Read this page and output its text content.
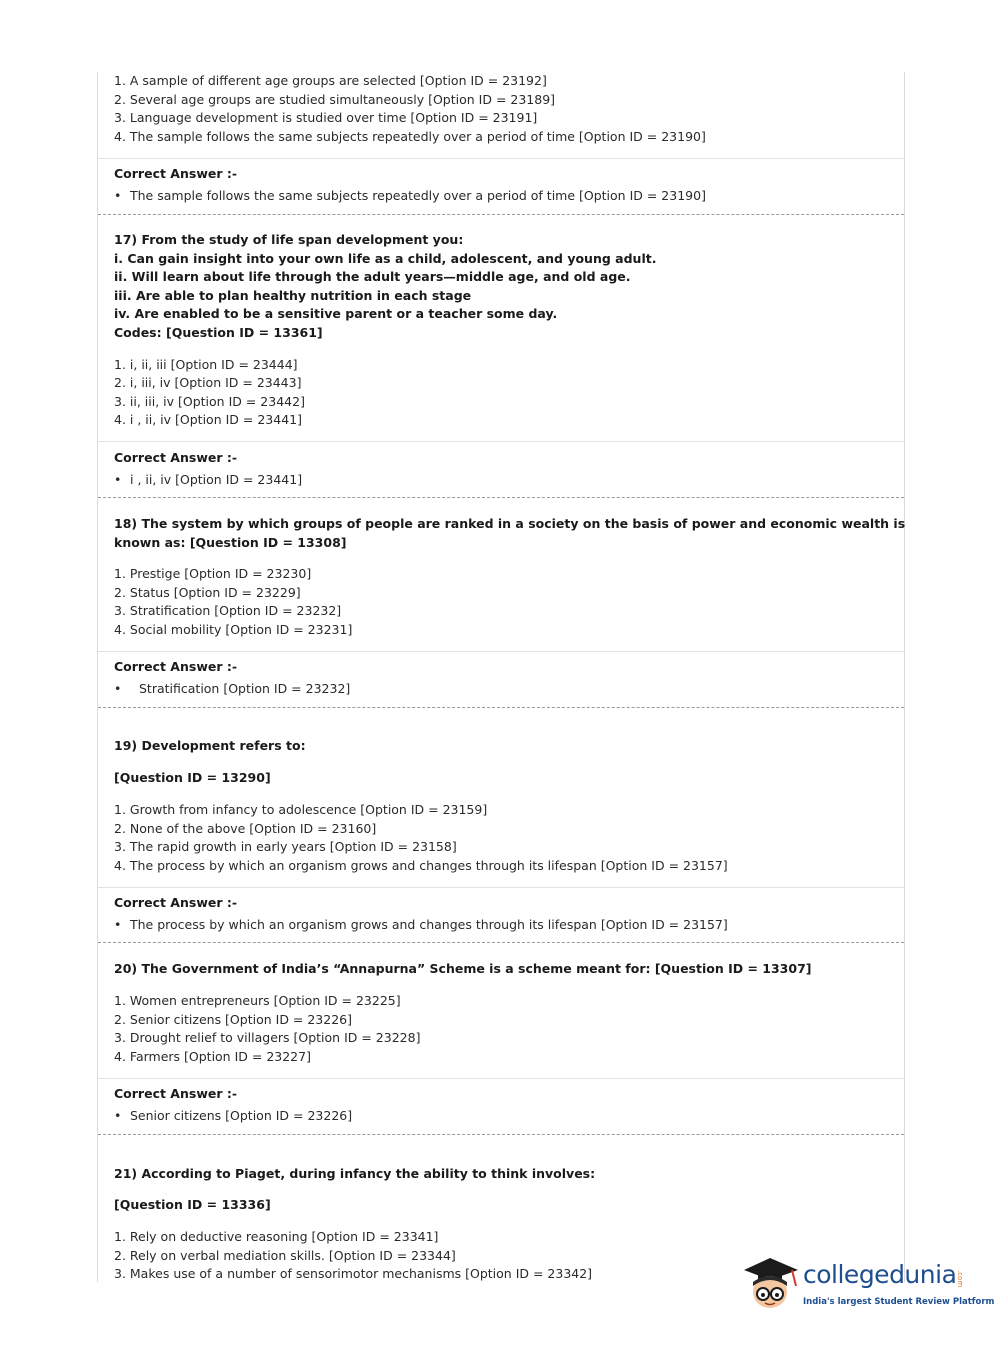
1. A sample of different age groups are selected [Option ID = 23192]
2. Several age groups are studied simultaneously [Option ID = 23189]
3. Language development is studied over time [Option ID = 23191]
4. The sample follows the same subjects repeatedly over a period of time [Option ID = 23190]
Correct Answer :-
• The sample follows the same subjects repeatedly over a period of time [Option ID = 23190]
17) From the study of life span development you:
i. Can gain insight into your own life as a child, adolescent, and young adult.
ii. Will learn about life through the adult years—middle age, and old age.
iii. Are able to plan healthy nutrition in each stage
iv. Are enabled to be a sensitive parent or a teacher some day.
Codes: [Question ID = 13361]
1. i, ii, iii [Option ID = 23444]
2. i, iii, iv [Option ID = 23443]
3. ii, iii, iv [Option ID = 23442]
4. i , ii, iv [Option ID = 23441]
Correct Answer :-
• i , ii, iv [Option ID = 23441]
18) The system by which groups of people are ranked in a society on the basis of power and economic wealth is
known as: [Question ID = 13308]
1. Prestige [Option ID = 23230]
2. Status [Option ID = 23229]
3. Stratification [Option ID = 23232]
4. Social mobility [Option ID = 23231]
Correct Answer :-
• Stratification [Option ID = 23232]
19) Development refers to:
[Question ID = 13290]
1. Growth from infancy to adolescence [Option ID = 23159]
2. None of the above [Option ID = 23160]
3. The rapid growth in early years [Option ID = 23158]
4. The process by which an organism grows and changes through its lifespan [Option ID = 23157]
Correct Answer :-
• The process by which an organism grows and changes through its lifespan [Option ID = 23157]
20) The Government of India’s “Annapurna” Scheme is a scheme meant for: [Question ID = 13307]
1. Women entrepreneurs [Option ID = 23225]
2. Senior citizens [Option ID = 23226]
3. Drought relief to villagers [Option ID = 23228]
4. Farmers [Option ID = 23227]
Correct Answer :-
• Senior citizens [Option ID = 23226]
21) According to Piaget, during infancy the ability to think involves:
[Question ID = 13336]
1. Rely on deductive reasoning [Option ID = 23341]
2. Rely on verbal mediation skills. [Option ID = 23344]
3. Makes use of a number of sensorimotor mechanisms [Option ID = 23342]	collegedunia .com
India's largest Student Review Platform
